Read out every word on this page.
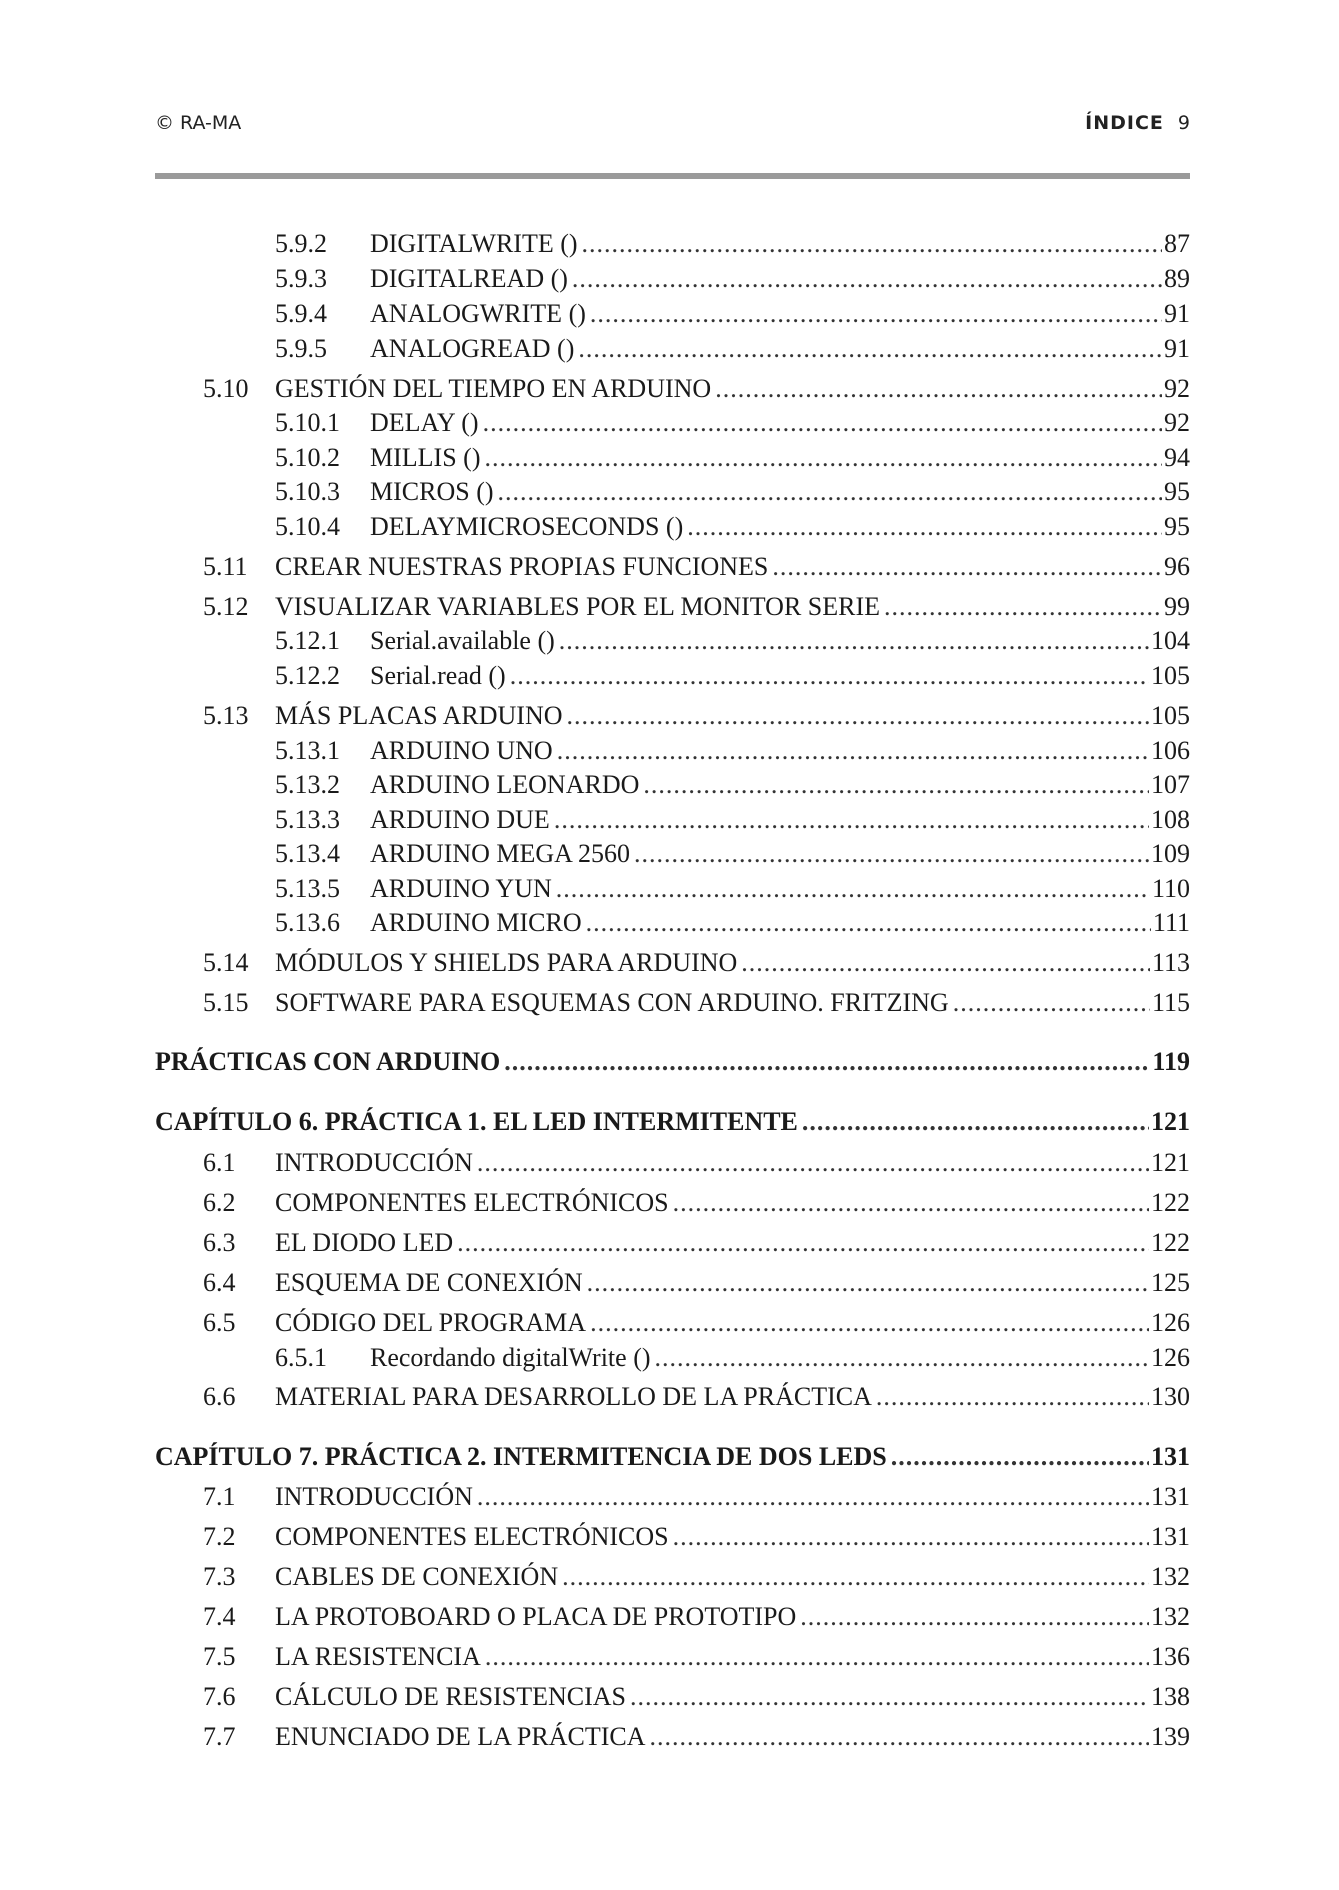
© RA-MA	ÍNDICE 9
5.9.2 DIGITALWRITE () .....	87
5.9.3 DIGITALREAD () .....	89
5.9.4 ANALOGWRITE () .....	91
5.9.5 ANALOGREAD () .....	91
5.10 GESTIÓN DEL TIEMPO EN ARDUINO .....	92
5.10.1 DELAY () .....	92
5.10.2 MILLIS () .....	94
5.10.3 MICROS () .....	95
5.10.4 DELAYMICROSECONDS () .....	95
5.11 CREAR NUESTRAS PROPIAS FUNCIONES .....	96
5.12 VISUALIZAR VARIABLES POR EL MONITOR SERIE .....	99
5.12.1 Serial.available () .....	104
5.12.2 Serial.read () .....	105
5.13 MÁS PLACAS ARDUINO .....	105
5.13.1 ARDUINO UNO .....	106
5.13.2 ARDUINO LEONARDO .....	107
5.13.3 ARDUINO DUE .....	108
5.13.4 ARDUINO MEGA 2560 .....	109
5.13.5 ARDUINO YUN .....	110
5.13.6 ARDUINO MICRO .....	111
5.14 MÓDULOS Y SHIELDS PARA ARDUINO .....	113
5.15 SOFTWARE PARA ESQUEMAS CON ARDUINO. FRITZING .....	115
PRÁCTICAS CON ARDUINO .....	119
CAPÍTULO 6. PRÁCTICA 1. EL LED INTERMITENTE .....	121
6.1 INTRODUCCIÓN .....	121
6.2 COMPONENTES ELECTRÓNICOS .....	122
6.3 EL DIODO LED .....	122
6.4 ESQUEMA DE CONEXIÓN .....	125
6.5 CÓDIGO DEL PROGRAMA .....	126
6.5.1 Recordando digitalWrite () .....	126
6.6 MATERIAL PARA DESARROLLO DE LA PRÁCTICA .....	130
CAPÍTULO 7. PRÁCTICA 2. INTERMITENCIA DE DOS LEDS .....	131
7.1 INTRODUCCIÓN .....	131
7.2 COMPONENTES ELECTRÓNICOS .....	131
7.3 CABLES DE CONEXIÓN .....	132
7.4 LA PROTOBOARD O PLACA DE PROTOTIPO .....	132
7.5 LA RESISTENCIA .....	136
7.6 CÁLCULO DE RESISTENCIAS .....	138
7.7 ENUNCIADO DE LA PRÁCTICA .....	139
